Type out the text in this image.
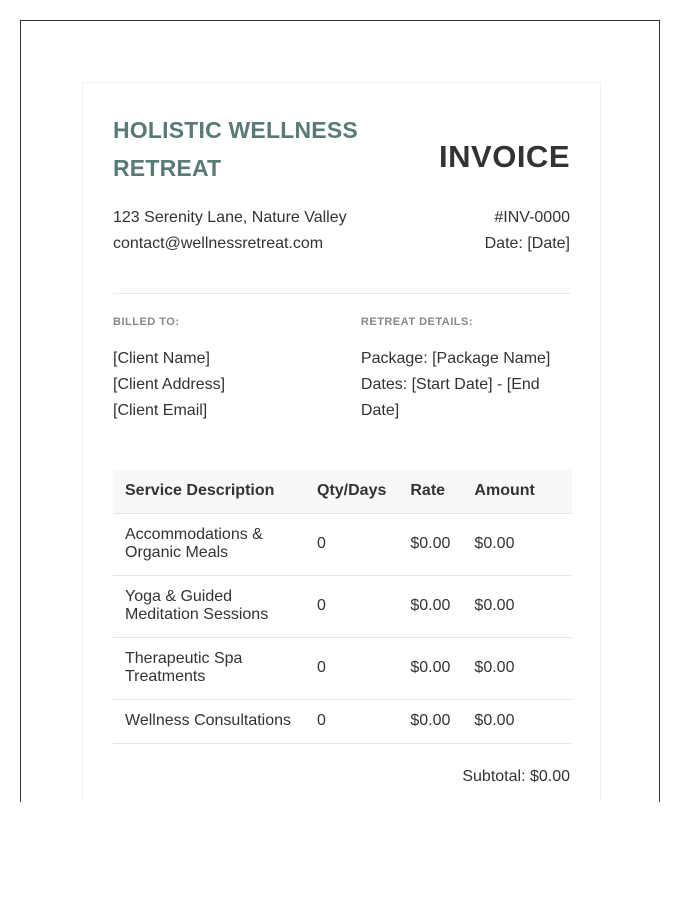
HOLISTIC WELLNESS RETREAT	INVOICE
123 Serenity Lane, Nature Valley
contact@wellnessretreat.com
#INV-0000
Date: [Date]
BILLED TO:
[Client Name]
[Client Address]
[Client Email]
RETREAT DETAILS:
Package: [Package Name]
Dates: [Start Date] - [End Date]
Service Description	Qty/Days	Rate	Amount
Accommodations & Organic Meals	0	$0.00	$0.00
Yoga & Guided Meditation Sessions	0	$0.00	$0.00
Therapeutic Spa Treatments	0	$0.00	$0.00
Wellness Consultations	0	$0.00	$0.00
Subtotal: $0.00
